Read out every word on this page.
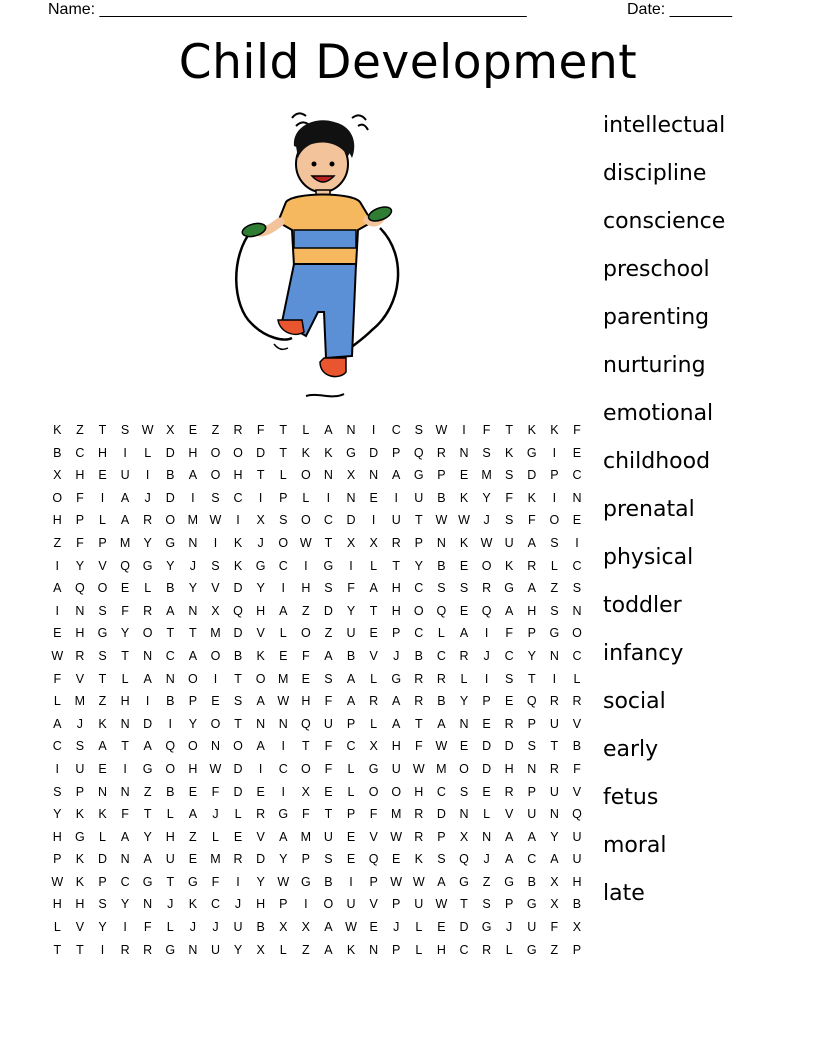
Name: ________________________________________________	Date: _______
Child Development
K	Z	T	S	W	X	E	Z	R	F	T	L	A	N	I	C	S	W	I	F	T	K	K	F
B	C	H	I	L	D	H	O	O	D	T	K	K	G	D	P	Q	R	N	S	K	G	I	E
X	H	E	U	I	B	A	O	H	T	L	O	N	X	N	A	G	P	E	M	S	D	P	C
O	F	I	A	J	D	I	S	C	I	P	L	I	N	E	I	U	B	K	Y	F	K	I	N
H	P	L	A	R	O	M W	I	X	S	O	C	D	I	U	T	W W	J	S	F	O	E
Z	F	P	M	Y	G	N	I	K	J	O W	T	X	X	R	P	N	K	W U	A	S	I
I	Y	V	Q	G	Y	J	S	K	G	C	I	G	I	L	T	Y	B	E	O	K	R	L	C
A	Q	O	E	L	B	Y	V	D	Y	I	H	S	F	A	H	C	S	S	R	G	A	Z	S
I	N	S	F	R	A	N	X	Q	H	A	Z	D	Y	T	H	O	Q	E	Q	A	H	S	N
E	H	G	Y	O	T	T	M	D	V	L	O	Z	U	E	P	C	L	A	I	F	P	G	O
W R	S	T	N	C	A	O	B	K	E	F	A	B	V	J	B	C	R	J	C	Y	N	C
F	V	T	L	A	N	O	I	T	O	M	E	S	A	L	G	R	R	L	I	S	T	I	L
L	M	Z	H	I	B	P	E	S	A	W H	F	A	R	A	R	B	Y	P	E	Q	R	R
A	J	K	N	D	I	Y	O	T	N	N	Q	U	P	L	A	T	A	N	E	R	P	U	V
C	S	A	T	A	Q	O	N	O	A	I	T	F	C	X	H	F	W	E	D	D	S	T	B
I	U	E	I	G	O	H W D	I	C	O	F	L	G	U W M	O	D	H	N	R	F
S	P	N	N	Z	B	E	F	D	E	I	X	E	L	O	O	H	C	S	E	R	P	U	V
Y	K	K	F	T	L	A	J	L	R	G	F	T	P	F	M	R	D	N	L	V	U	N	Q
H	G	L	A	Y	H	Z	L	E	V	A	M	U	E	V	W R	P	X	N	A	A	Y	U
P	K	D	N	A	U	E	M	R	D	Y	P	S	E	Q	E	K	S	Q	J	A	C	A	U
W	K	P	C	G	T	G	F	I	Y	W G	B	I	P	W W	A	G	Z	G	B	X	H
H	H	S	Y	N	J	K	C	J	H	P	I	O	U	V	P	U W	T	S	P	G	X	B
L	V	Y	I	F	L	J	J	U	B	X	X	A	W	E	J	L	E	D	G	J	U	F	X
T	T	I	R	R	G	N	U	Y	X	L	Z	A	K	N	P	L	H	C	R	L	G	Z	P
intellectual
discipline
conscience
preschool
parenting
nurturing
emotional
childhood
prenatal
physical
toddler
infancy
social
early
fetus
moral
late
